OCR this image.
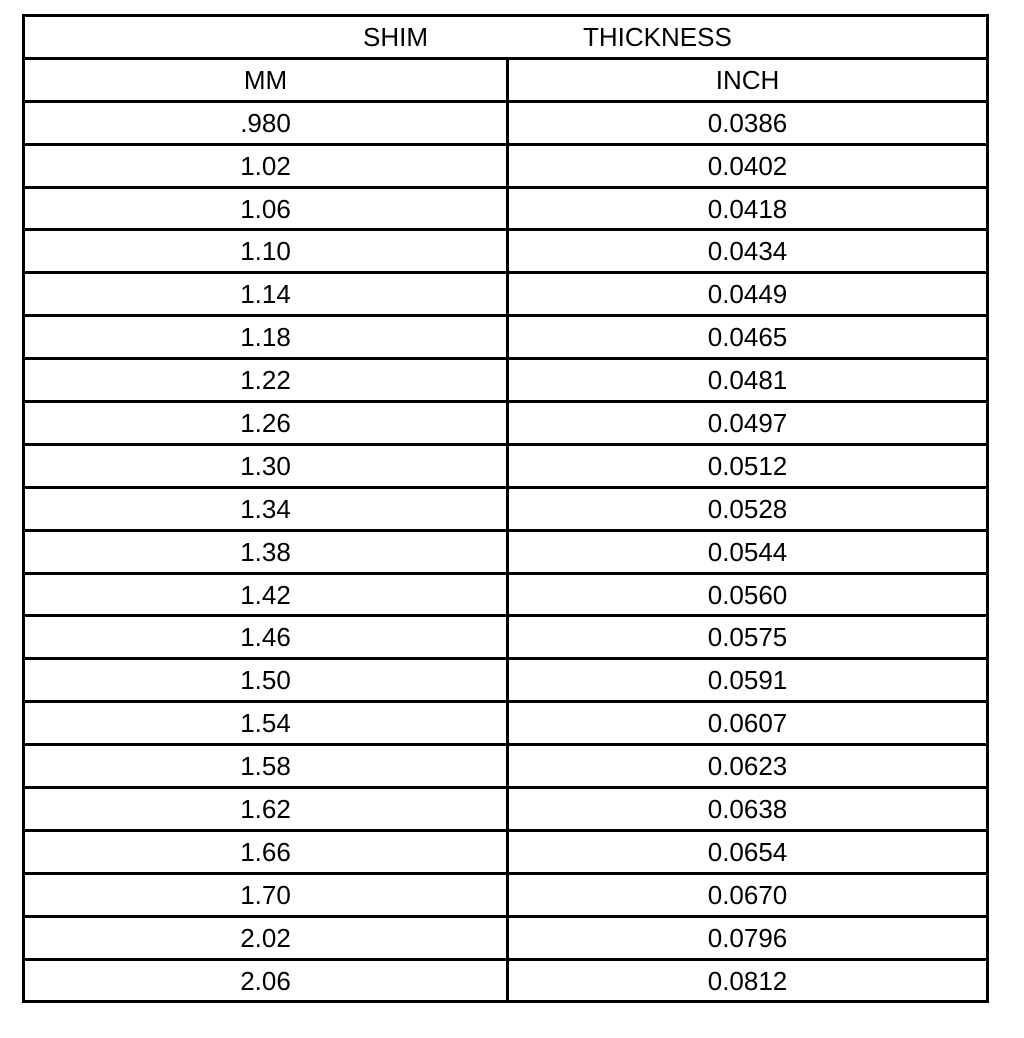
SHIM THICKNESS	

MM	INCH
.980	0.0386
1.02	0.0402
1.06	0.0418
1.10	0.0434
1.14	0.0449
1.18	0.0465
1.22	0.0481
1.26	0.0497
1.30	0.0512
1.34	0.0528
1.38	0.0544
1.42	0.0560
1.46	0.0575
1.50	0.0591
1.54	0.0607
1.58	0.0623
1.62	0.0638
1.66	0.0654
1.70	0.0670
2.02	0.0796
2.06	0.0812
